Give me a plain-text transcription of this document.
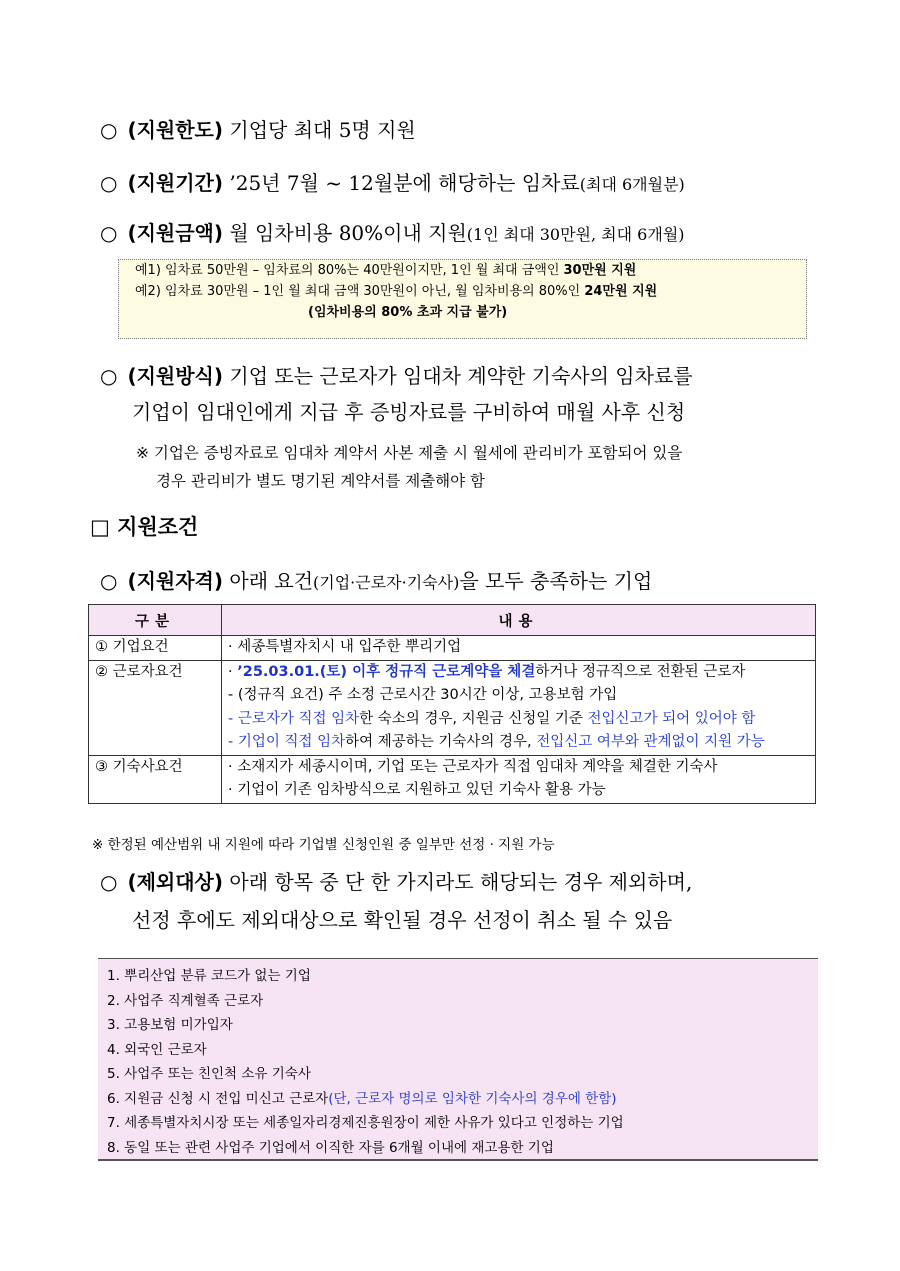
○ (지원한도) 기업당 최대 5명 지원
○ (지원기간) ’25년 7월 ~ 12월분에 해당하는 임차료(최대 6개월분)
○ (지원금액) 월 임차비용 80%이내 지원(1인 최대 30만원, 최대 6개월)
예1) 임차료 50만원 – 임차료의 80%는 40만원이지만, 1인 월 최대 금액인 30만원 지원
예2) 임차료 30만원 – 1인 월 최대 금액 30만원이 아닌, 월 임차비용의 80%인 24만원 지원
(임차비용의 80% 초과 지급 불가)
○ (지원방식) 기업 또는 근로자가 임대차 계약한 기숙사의 임차료를
기업이 임대인에게 지급 후 증빙자료를 구비하여 매월 사후 신청
※ 기업은 증빙자료로 임대차 계약서 사본 제출 시 월세에 관리비가 포함되어 있을
경우 관리비가 별도 명기된 계약서를 제출해야 함
□ 지원조건
○ (지원자격) 아래 요건(기업·근로자·기숙사)을 모두 충족하는 기업
구분	내용

① 기업요건	· 세종특별자치시 내 입주한 뿌리기업

② 근로자요건	· ’25.03.01.(토) 이후 정규직 근로계약을 체결하거나 정규직으로 전환된 근로자
- (정규직 요건) 주 소정 근로시간 30시간 이상, 고용보험 가입
- 근로자가 직접 임차한 숙소의 경우, 지원금 신청일 기준 전입신고가 되어 있어야 함
- 기업이 직접 임차하여 제공하는 기숙사의 경우, 전입신고 여부와 관계없이 지원 가능

③ 기숙사요건	· 소재지가 세종시이며, 기업 또는 근로자가 직접 임대차 계약을 체결한 기숙사
· 기업이 기존 임차방식으로 지원하고 있던 기숙사 활용 가능
※ 한정된 예산범위 내 지원에 따라 기업별 신청인원 중 일부만 선정 · 지원 가능
○ (제외대상) 아래 항목 중 단 한 가지라도 해당되는 경우 제외하며,
선정 후에도 제외대상으로 확인될 경우 선정이 취소 될 수 있음
1. 뿌리산업 분류 코드가 없는 기업
2. 사업주 직계혈족 근로자
3. 고용보험 미가입자
4. 외국인 근로자
5. 사업주 또는 친인척 소유 기숙사
6. 지원금 신청 시 전입 미신고 근로자(단, 근로자 명의로 임차한 기숙사의 경우에 한함)
7. 세종특별자치시장 또는 세종일자리경제진흥원장이 제한 사유가 있다고 인정하는 기업
8. 동일 또는 관련 사업주 기업에서 이직한 자를 6개월 이내에 재고용한 기업
